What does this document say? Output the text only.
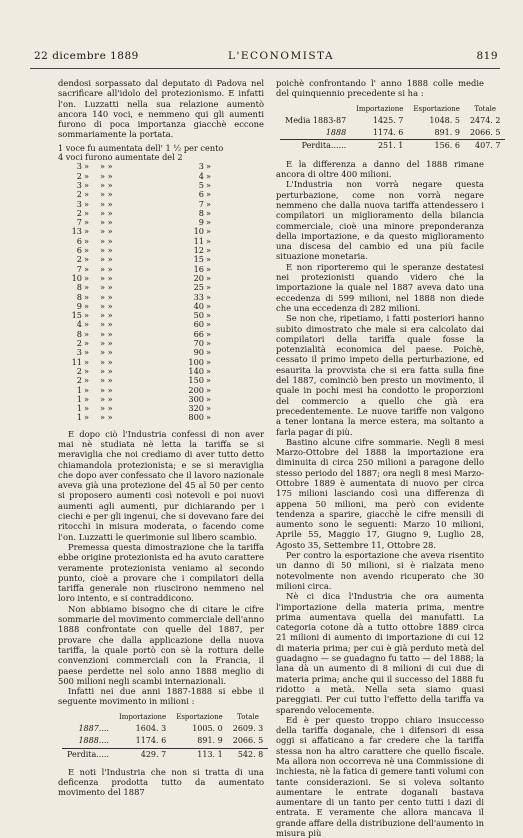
22 dicembre 1889	L'ECONOMISTA	819

dendosi sorpassato dal deputato di Padova nel sacrificare all'idolo del protezionismo. E infatti l'on. Luzzatti nella sua relazione aumentò ancora 140 voci, e nemmeno qui gli aumenti furono di poca importanza giacchè eccone sommariamente la portata.

1 voce fu aumentata dell' 1 ½ per cento
4 voci furono aumentate del 2
3 »	» »	3 »
2 »	» »	4 »
3 »	» »	5 »
2 »	» »	6 »
3 »	» »	7 »
2 »	» »	8 »
7 »	» »	9 »
13 »	» »	10 »
6 »	» »	11 »
6 »	» »	12 »
2 »	» »	15 »
7 »	» »	16 »
10 »	» »	20 »
8 »	» »	25 »
8 »	» »	33 »
9 »	» »	40 »
15 »	» »	50 »
4 »	» »	60 »
8 »	» »	66 »
2 »	» »	70 »
3 »	» »	90 »
11 »	» »	100 »
2 »	» »	140 »
2 »	» »	150 »
1 »	» »	200 »
1 »	» »	300 »
1 »	» »	320 »
1 »	» »	800 »

E dopo ciò l'Industria confessi di non aver mai nè studiata nè letta la tariffa se si meraviglia che noi crediamo di aver tutto detto chiamandola protezionista; e se si meraviglia che dopo aver confessato che il lavoro nazionale aveva già una protezione del 45 al 50 per cento si proposero aumenti così notevoli e poi nuovi aumenti agli aumenti, pur dichiarando per i ciechi e per gli ingenui, che si dovevano fare dei ritocchi in misura moderata, o facendo come l'on. Luzzatti le querimonie sul libero scambio.

Premessa questa dimostrazione che la tariffa ebbe origine protezionista ed ha avuto carattere veramente protezionista veniamo al secondo punto, cioè a provare che i compilatori della tariffa generale non riuscirono nemmeno nel loro intento, e si contraddicono.

Non abbiamo bisogno che di citare le cifre sommarie del movimento commerciale dell'anno 1888 confrontate con quelle del 1887, per provare che dalla applicazione della nuova tariffa, la quale portò con sè la rottura delle convenzioni commerciali con la Francia, il paese perdette nel solo anno 1888 meglio di 500 milioni negli scambi internazionali.

Infatti nei due anni 1887-1888 si ebbe il seguente movimento in milioni :

	Importazione	Esportazione	Totale
1887....	1604. 3	1005. 0	2609. 3
1888....	1174. 6	891. 9	2066. 5
Perdita.....	429. 7	113. 1	542. 8

E noti l'Industria che non si tratta di una deficenza prodotta tutto da aumentato movimento del 1887

poichè confrontando l' anno 1888 colle medie del quinquennio precedente si ha :

	Importazione	Esportazione	Totale
Media 1883-87	1425. 7	1048. 5	2474. 2
1888	1174. 6	891. 9	2066. 5
Perdita......	251. 1	156. 6	407. 7

E la differenza a danno del 1888 rimane ancora di oltre 400 milioni.

L'Industria non vorrà negare questa perturbazione, come non vorrà negare nemmeno che dalla nuova tariffa attendessero i compilatori un miglioramento della bilancia commerciale, cioè una minore preponderanza della importazione, e da questo miglioramento una discesa del cambio ed una più facile situazione monetaria.

E non riporteremo qui le speranze destatesi nei protezionisti quando videro che la importazione la quale nel 1887 aveva dato una eccedenza di 599 milioni, nel 1888 non diede che una eccedenza di 282 milioni.

Se non che, ripetiamo, i fatti posteriori hanno subito dimostrato che male si era calcolato dai compilatori della tariffa quale fosse la potenzialità economica del paese. Poichè, cessato il primo impeto della perturbazione, ed esaurita la provvista che si era fatta sulla fine del 1887, cominciò ben presto un movimento, il quale in pochi mesi ha condotto le proporzioni del commercio a quello che già era precedentemente. Le nuove tariffe non valgono a tener lontana la merce estera, ma soltanto a farla pagar di più.

Bastino alcune cifre sommarie. Negli 8 mesi Marzo-Ottobre del 1888 la importazione era diminuita di circa 250 milioni a paragone dello stesso periodo del 1887; ora negli 8 mesi Marzo-Ottobre 1889 è aumentata di nuovo per circa 175 milioni lasciando così una differenza di appena 50 milioni, ma però con evidente tendenza a sparire, giacchè le cifre mensili di aumento sono le seguenti: Marzo 10 milioni, Aprile 55, Maggio 17, Giugno 9, Luglio 28, Agosto 35, Settembre 11, Ottobre 28.

Per contro la esportazione che aveva risentito un danno di 50 milioni, si è rialzata meno notevolmente non avendo ricuperato che 30 milioni circa.

Nè ci dica l'Industria che ora aumenta l'importazione della materia prima, mentre prima aumentava quella dei manufatti. La categoria cotone dà a tutto ottobre 1889 circa 21 milioni di aumento di importazione di cui 12 di materia prima; per cui è già perduto metà del guadagno — se guadagno fu tatto — del 1888; la lana dà un aumento di 8 milioni di cui due di materia prima; anche qui il successo del 1888 fu ridotto a metà. Nella seta siamo quasi pareggiati. Per cui tutto l'effetto della tariffa va sparendo velocemente.

Ed è per questo troppo chiaro insuccesso della tariffa doganale, che i difensori di essa oggi si affaticano a far credere che la tariffa stessa non ha altro carattere che quello fiscale. Ma allora non occorreva nè una Commissione di inchiesta, nè la fatica di gemere tanti volumi con tante considerazioni. Se si voleva soltanto aumentare le entrate doganali bastava aumentare di un tanto per cento tutti i dazi di entrata. E veramente che allora mancava il grande affare della distribuzione dell'aumento in misura più
